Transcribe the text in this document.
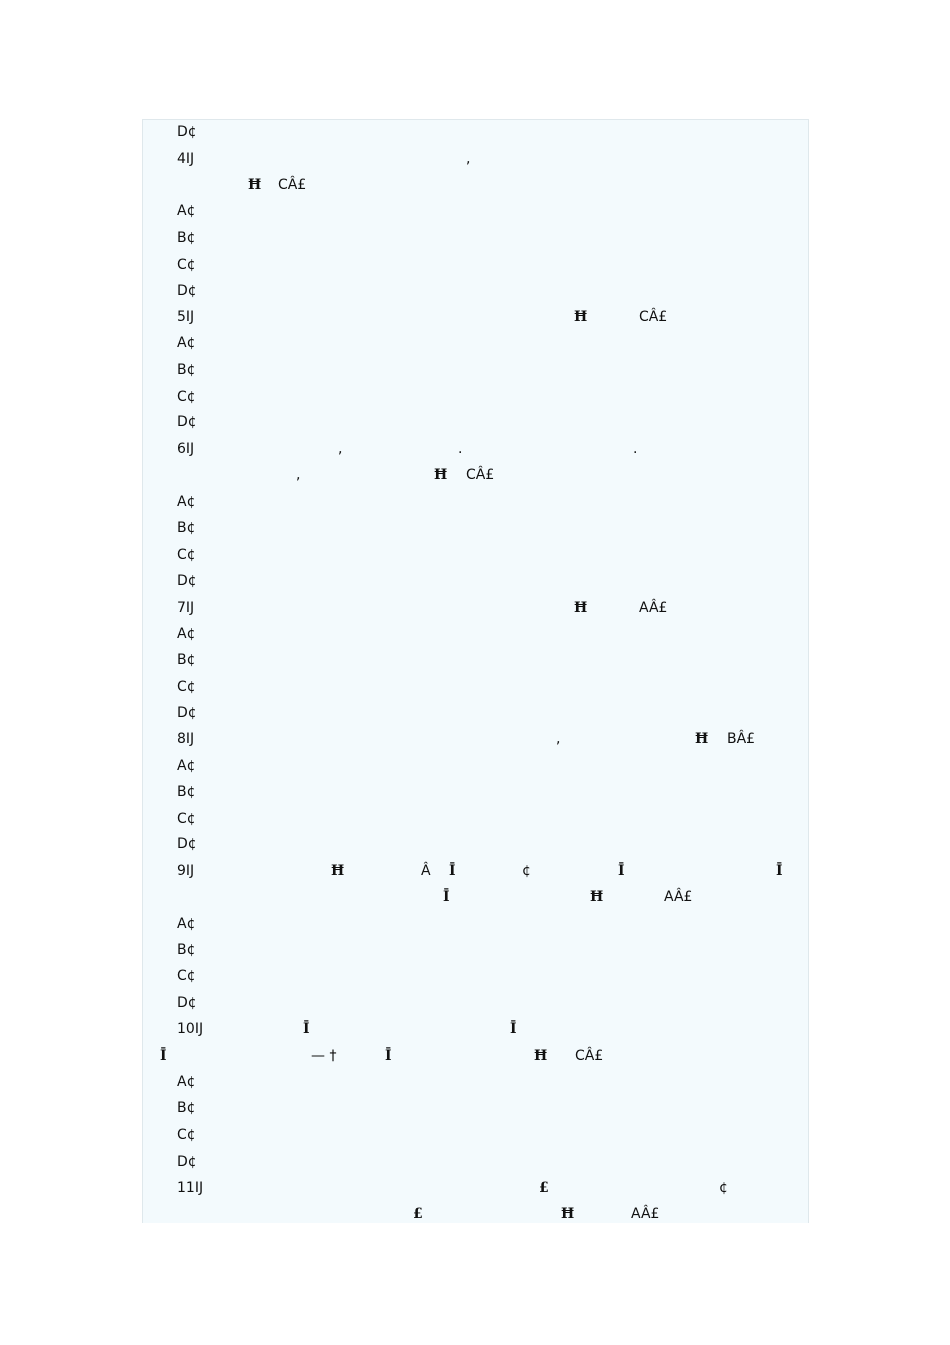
D¢
4Ĳ	,
Ħ CÂ£
A¢
B¢
C¢
D¢
5Ĳ	Ħ	CÂ£
A¢
B¢
C¢
D¢
6Ĳ	,	.	.
,	Ħ CÂ£
A¢
B¢
C¢
D¢
7Ĳ	Ħ	AÂ£
A¢
B¢
C¢
D¢
8Ĳ	,	Ħ BÂ£
A¢
B¢
C¢
D¢
9Ĳ	Ħ	Â Ī	¢	Ī	Ī
Ī	Ħ	AÂ£
A¢
B¢
C¢
D¢
10Ĳ	Ī	Ī
Ī	— †	Ī	Ħ CÂ£
A¢
B¢
C¢
D¢
11Ĳ	£	¢
£	Ħ	AÂ£
